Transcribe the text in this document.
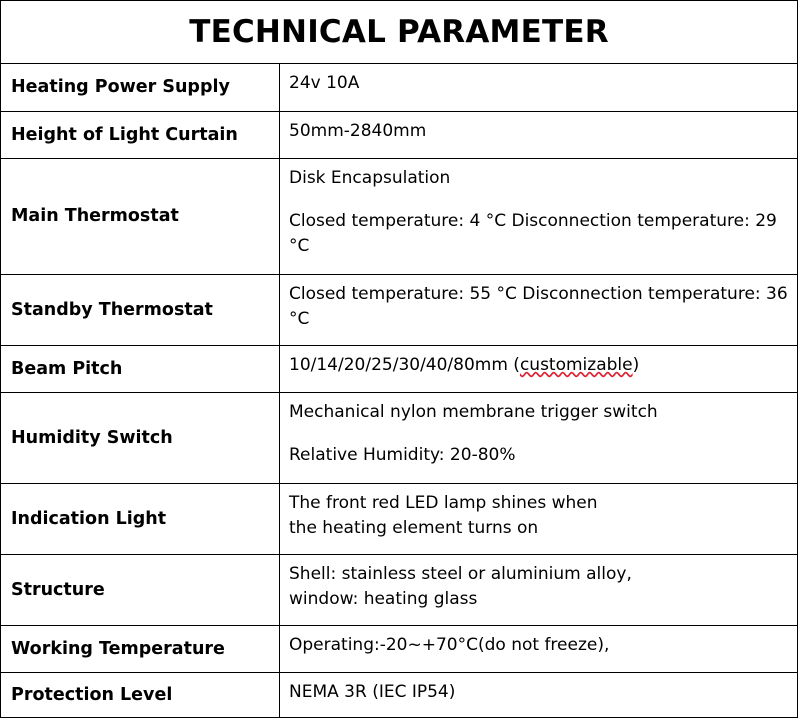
TECHNICAL PARAMETER
Heating Power Supply	24v 10A
Height of Light Curtain	50mm-2840mm
Main Thermostat	Disk Encapsulation
Closed temperature: 4 °C Disconnection temperature: 29 °C

Standby Thermostat	Closed temperature: 55 °C Disconnection temperature: 36 °C
Beam Pitch	10/14/20/25/30/40/80mm (customizable)
Humidity Switch	Mechanical nylon membrane trigger switch
Relative Humidity: 20-80%

Indication Light	The front red LED lamp shines when
the heating element turns on

Structure	Shell: stainless steel or aluminium alloy,
window: heating glass

Working Temperature	Operating:-20~+70°C(do not freeze),
Protection Level	NEMA 3R (IEC IP54)
